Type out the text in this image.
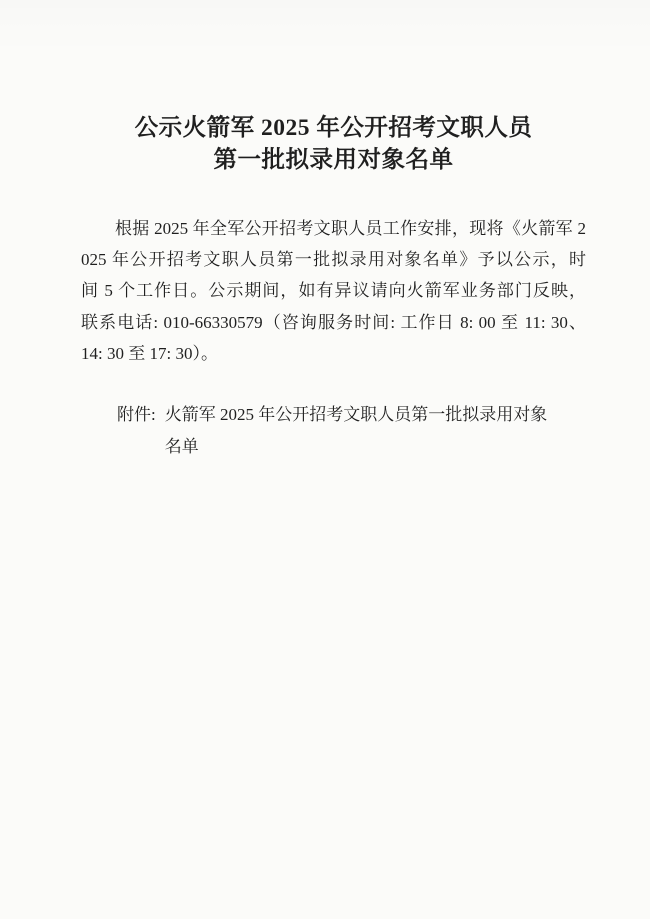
公示火箭军 2025 年公开招考文职人员
第一批拟录用对象名单

根据 2025 年全军公开招考文职人员工作安排，现将《火箭军 2

025 年公开招考文职人员第一批拟录用对象名单》予以公示，时

间 5 个工作日。公示期间，如有异议请向火箭军业务部门反映，

联系电话: 010-66330579（咨询服务时间: 工作日 8: 00 至 11: 30、

14: 30 至 17: 30）。

附件: 火箭军 2025 年公开招考文职人员第一批拟录用对象
名单
